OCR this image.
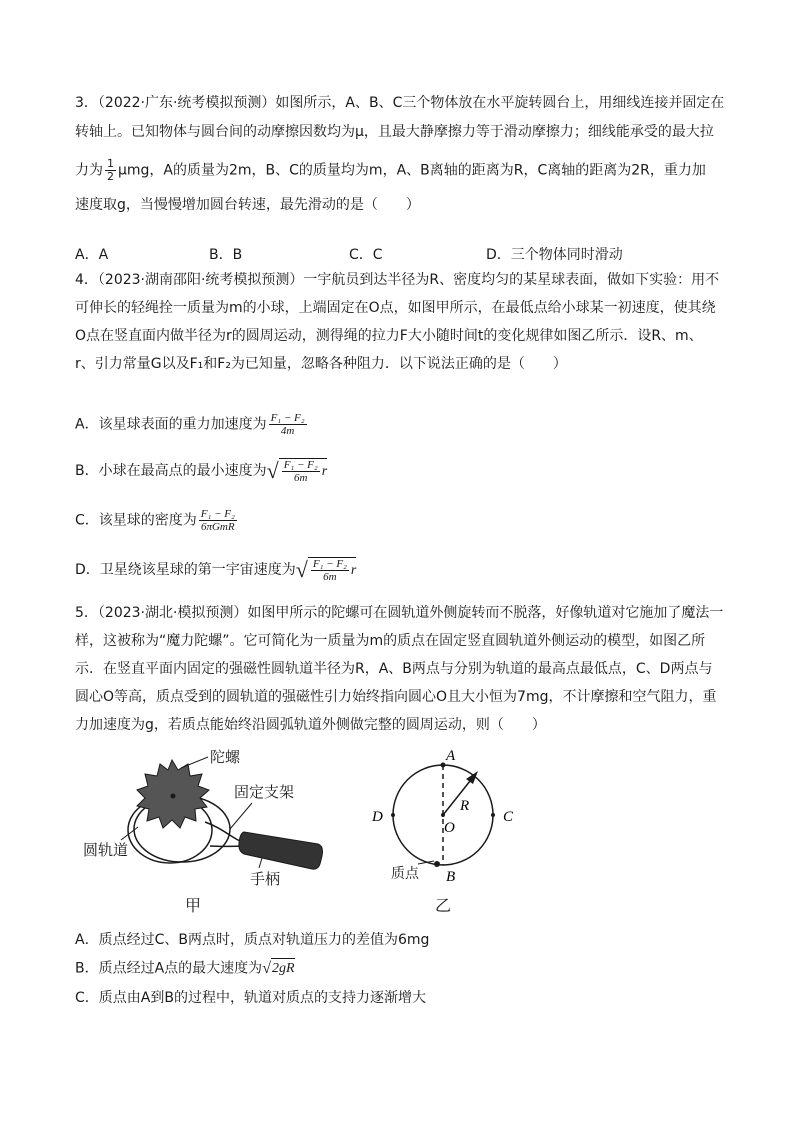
3．（2022·广东·统考模拟预测）如图所示，A、B、C三个物体放在水平旋转圆台上，用细线连接并固定在
转轴上。已知物体与圆台间的动摩擦因数均为μ，且最大静摩擦力等于滑动摩擦力；细线能承受的最大拉
力为 $\frac{1}{2}$ μmg，A的质量为2m，B、C的质量均为m，A、B离轴的距离为R，C离轴的距离为2R，重力加
速度取g，当慢慢增加圆台转速，最先滑动的是（　　）
A．A	B．B	C．C	D．三个物体同时滑动
4．（2023·湖南邵阳·统考模拟预测）一宇航员到达半径为R、密度均匀的某星球表面，做如下实验：用不
可伸长的轻绳拴一质量为m的小球，上端固定在O点，如图甲所示，在最低点给小球某一初速度，使其绕
O点在竖直面内做半径为r的圆周运动，测得绳的拉力F大小随时间t的变化规律如图乙所示．设R、m、
r、引力常量G以及F₁和F₂为已知量，忽略各种阻力．以下说法正确的是（　　）
A．该星球表面的重力加速度为 $\frac{\text{F₁ − F₂}}{4m}$
B．小球在最高点的最小速度为 √ $\frac{\text{F₁ − F₂}}{6m}$ r
C．该星球的密度为 $\frac{\text{F₁ − F₂}}{\text{6πGmR}}$
D．卫星绕该星球的第一宇宙速度为 √ $\frac{\text{F₁ − F₂}}{6m}$ r
5．（2023·湖北·模拟预测）如图甲所示的陀螺可在圆轨道外侧旋转而不脱落，好像轨道对它施加了魔法一
样，这被称为“魔力陀螺”。它可简化为一质量为m的质点在固定竖直圆轨道外侧运动的模型，如图乙所
示．在竖直平面内固定的强磁性圆轨道半径为R，A、B两点与分别为轨道的最高点最低点，C、D两点与
圆心O等高，质点受到的圆轨道的强磁性引力始终指向圆心O且大小恒为7mg，不计摩擦和空气阻力，重
力加速度为g，若质点能始终沿圆弧轨道外侧做完整的圆周运动，则（　　）
陀螺
固定支架
圆轨道
手柄
甲
A
B
C
D
O
R
质点
乙
A．质点经过C、B两点时，质点对轨道压力的差值为6mg
B．质点经过A点的最大速度为 √ 2gR
C．质点由A到B的过程中，轨道对质点的支持力逐渐增大
